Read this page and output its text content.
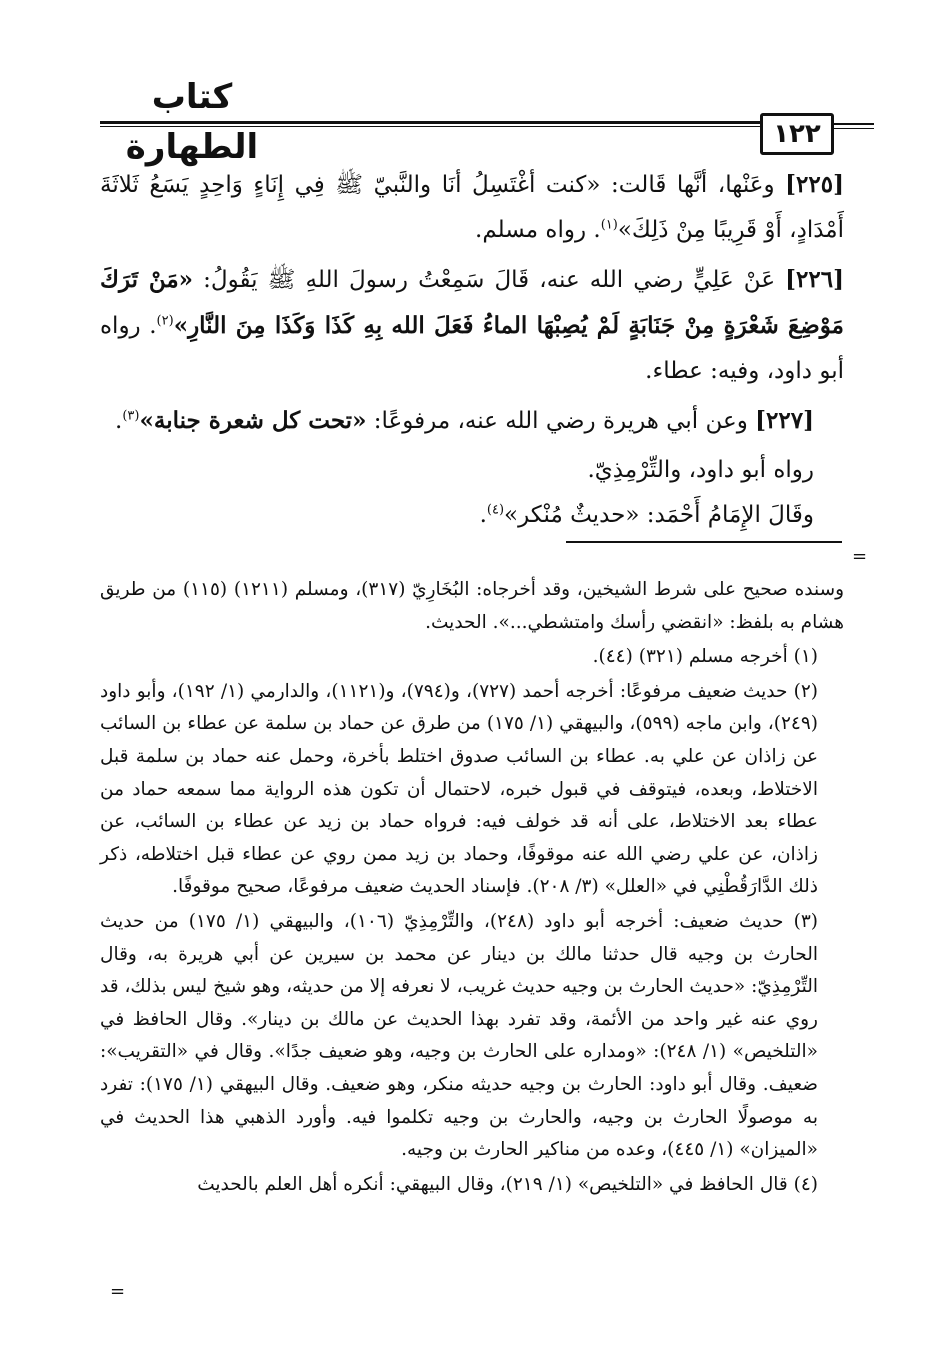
كتاب الطهارة	١٢٢

[٢٢٥] وعَنْها، أنَّها قَالت: «كنت أغْتَسِلُ أنَا والنَّبيّ ﷺ فِي إِنَاءٍ وَاحِدٍ يَسَعُ ثَلاثَةَ أَمْدَادٍ، أَوْ قَرِيبًا مِنْ ذَلِكَ»$^{(١)}$. رواه مسلم.

[٢٢٦] عَنْ عَلِيٍّ رضي الله عنه، قَالَ سَمِعْتُ رسولَ اللهِ ﷺ يَقُولُ: «مَنْ تَرَكَ مَوْضِعَ شَعْرَةٍ مِنْ جَنَابَةٍ لَمْ يُصِبْهَا الماءُ فَعَلَ الله بِهِ كَذَا وَكَذَا مِنَ النَّارِ»$^{(٢)}$. رواه أبو داود، وفيه: عطاء.

[٢٢٧] وعن أبي هريرة رضي الله عنه، مرفوعًا: «تحت كل شعرة جنابة»$^{(٣)}$.

رواه أبو داود، والتِّرْمِذِيّ.

وقَالَ الإِمَامُ أَحْمَد: «حديثٌ مُنْكر»$^{(٤)}$.

=

وسنده صحيح على شرط الشيخين، وقد أخرجاه: البُخَارِيّ (٣١٧)، ومسلم (١٢١١) (١١٥) من طريق هشام به بلفظ: «انقضي رأسك وامتشطي...». الحديث.

(١) أخرجه مسلم (٣٢١) (٤٤).

(٢) حديث ضعيف مرفوعًا: أخرجه أحمد (٧٢٧)، و(٧٩٤)، و(١١٢١)، والدارمي (١/ ١٩٢)، وأبو داود (٢٤٩)، وابن ماجه (٥٩٩)، والبيهقي (١/ ١٧٥) من طرق عن حماد بن سلمة عن عطاء بن السائب عن زاذان عن علي به. عطاء بن السائب صدوق اختلط بأخرة، وحمل عنه حماد بن سلمة قبل الاختلاط، وبعده، فيتوقف في قبول خبره، لاحتمال أن تكون هذه الرواية مما سمعه حماد من عطاء بعد الاختلاط، على أنه قد خولف فيه: فرواه حماد بن زيد عن عطاء بن السائب، عن زاذان، عن علي رضي الله عنه موقوفًا، وحماد بن زيد ممن روي عن عطاء قبل اختلاطه، ذكر ذلك الدَّارَقُطْنِي في «العلل» (٣/ ٢٠٨). فإسناد الحديث ضعيف مرفوعًا، صحيح موقوفًا.

(٣) حديث ضعيف: أخرجه أبو داود (٢٤٨)، والتِّرْمِذِيّ (١٠٦)، والبيهقي (١/ ١٧٥) من حديث الحارث بن وجيه قال حدثنا مالك بن دينار عن محمد بن سيرين عن أبي هريرة به، وقال التِّرْمِذِيّ: «حديث الحارث بن وجيه حديث غريب، لا نعرفه إلا من حديثه، وهو شيخ ليس بذلك، قد روي عنه غير واحد من الأئمة، وقد تفرد بهذا الحديث عن مالك بن دينار». وقال الحافظ في «التلخيص» (١/ ٢٤٨): «ومداره على الحارث بن وجيه، وهو ضعيف جدًا». وقال في «التقريب»: ضعيف. وقال أبو داود: الحارث بن وجيه حديثه منكر، وهو ضعيف. وقال البيهقي (١/ ١٧٥): تفرد به موصولًا الحارث بن وجيه، والحارث بن وجيه تكلموا فيه. وأورد الذهبي هذا الحديث في «الميزان» (١/ ٤٤٥)، وعده من مناكير الحارث بن وجيه.

(٤) قال الحافظ في «التلخيص» (١/ ٢١٩)، وقال البيهقي: أنكره أهل العلم بالحديث

=
